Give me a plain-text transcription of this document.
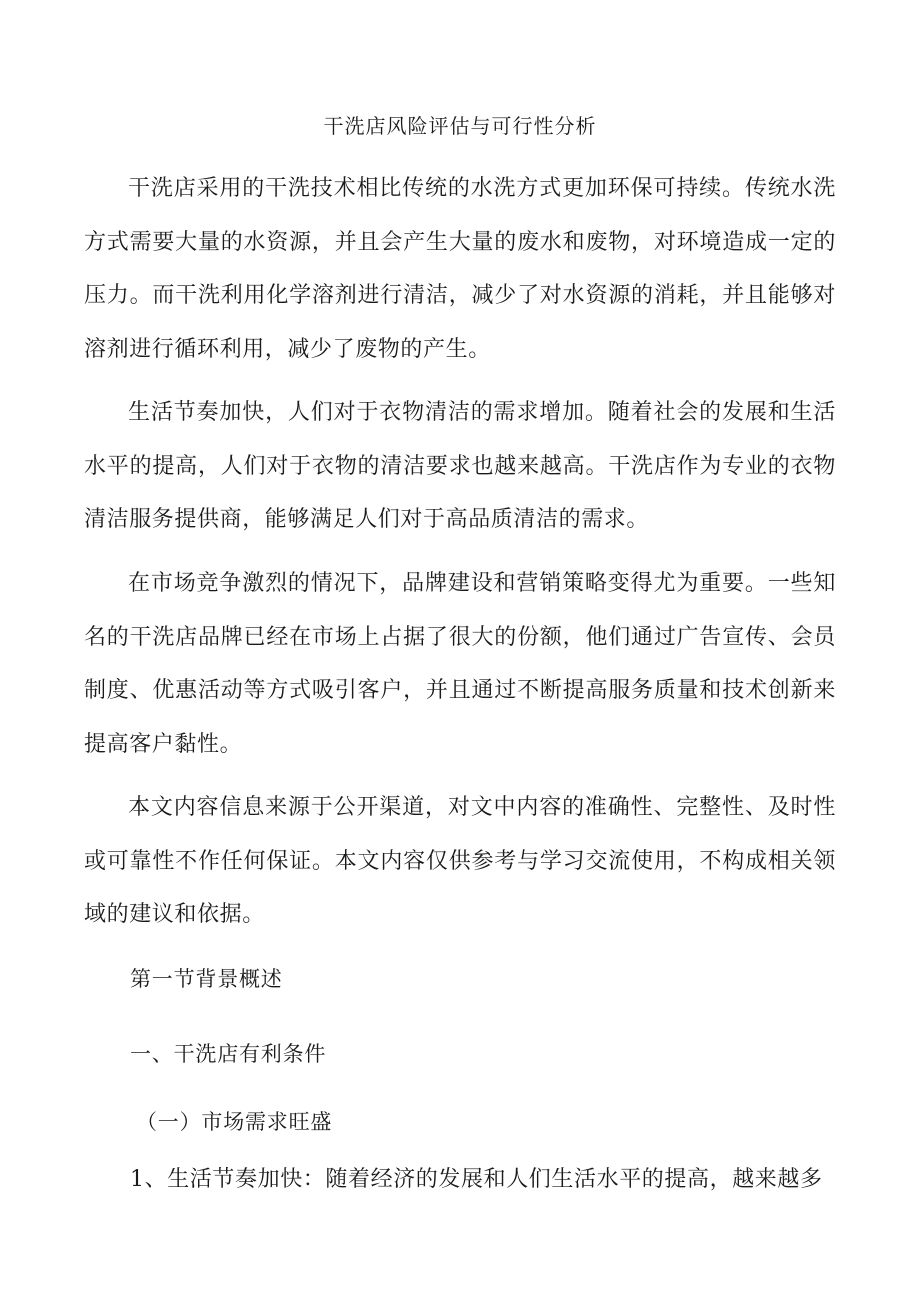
干洗店风险评估与可行性分析

干洗店采用的干洗技术相比传统的水洗方式更加环保可持续。传统水洗方式需要大量的水资源，并且会产生大量的废水和废物，对环境造成一定的压力。而干洗利用化学溶剂进行清洁，减少了对水资源的消耗，并且能够对溶剂进行循环利用，减少了废物的产生。

生活节奏加快，人们对于衣物清洁的需求增加。随着社会的发展和生活水平的提高，人们对于衣物的清洁要求也越来越高。干洗店作为专业的衣物清洁服务提供商，能够满足人们对于高品质清洁的需求。

在市场竞争激烈的情况下，品牌建设和营销策略变得尤为重要。一些知名的干洗店品牌已经在市场上占据了很大的份额，他们通过广告宣传、会员制度、优惠活动等方式吸引客户，并且通过不断提高服务质量和技术创新来提高客户黏性。

本文内容信息来源于公开渠道，对文中内容的准确性、完整性、及时性或可靠性不作任何保证。本文内容仅供参考与学习交流使用，不构成相关领域的建议和依据。

第一节背景概述
一、干洗店有利条件
（一）市场需求旺盛
1、生活节奏加快：随着经济的发展和人们生活水平的提高，越来越多
